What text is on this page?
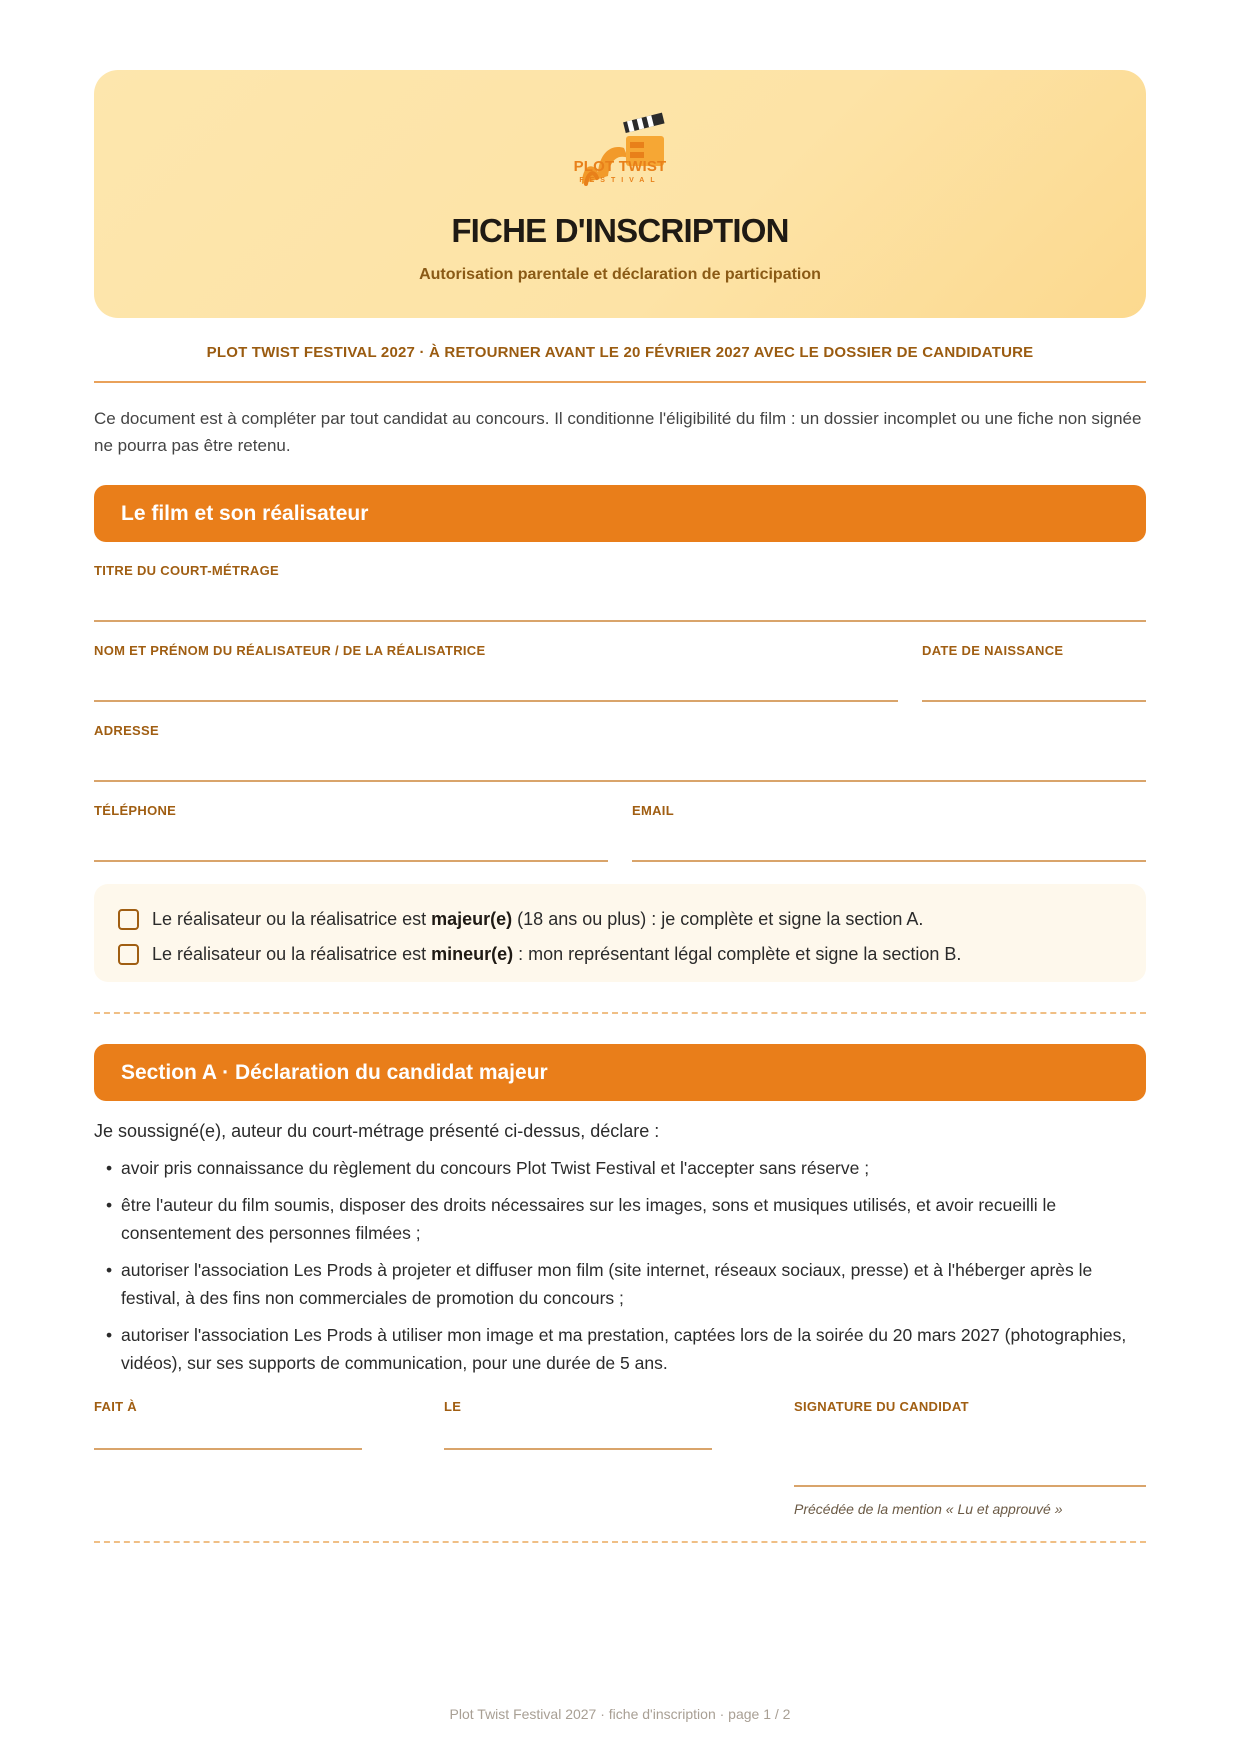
PLOT TWIST
FESTIVAL
FICHE D'INSCRIPTION
Autorisation parentale et déclaration de participation
PLOT TWIST FESTIVAL 2027 · À RETOURNER AVANT LE 20 FÉVRIER 2027 AVEC LE DOSSIER DE CANDIDATURE

Ce document est à compléter par tout candidat au concours. Il conditionne l'éligibilité du film : un dossier incomplet ou une fiche non signée ne pourra pas être retenu.

Le film et son réalisateur
TITRE DU COURT-MÉTRAGE
NOM ET PRÉNOM DU RÉALISATEUR / DE LA RÉALISATRICE	DATE DE NAISSANCE
ADRESSE
TÉLÉPHONE	EMAIL
Le réalisateur ou la réalisatrice est majeur(e) (18 ans ou plus) : je complète et signe la section A.
Le réalisateur ou la réalisatrice est mineur(e) : mon représentant légal complète et signe la section B.
Section A · Déclaration du candidat majeur

Je soussigné(e), auteur du court-métrage présenté ci-dessus, déclare :

• avoir pris connaissance du règlement du concours Plot Twist Festival et l'accepter sans réserve ;
• être l'auteur du film soumis, disposer des droits nécessaires sur les images, sons et musiques utilisés, et avoir recueilli le consentement des personnes filmées ;
• autoriser l'association Les Prods à projeter et diffuser mon film (site internet, réseaux sociaux, presse) et à l'héberger après le festival, à des fins non commerciales de promotion du concours ;
• autoriser l'association Les Prods à utiliser mon image et ma prestation, captées lors de la soirée du 20 mars 2027 (photographies, vidéos), sur ses supports de communication, pour une durée de 5 ans.
FAIT À	LE	SIGNATURE DU CANDIDAT
Précédée de la mention « Lu et approuvé »
Plot Twist Festival 2027 · fiche d'inscription · page 1 / 2
